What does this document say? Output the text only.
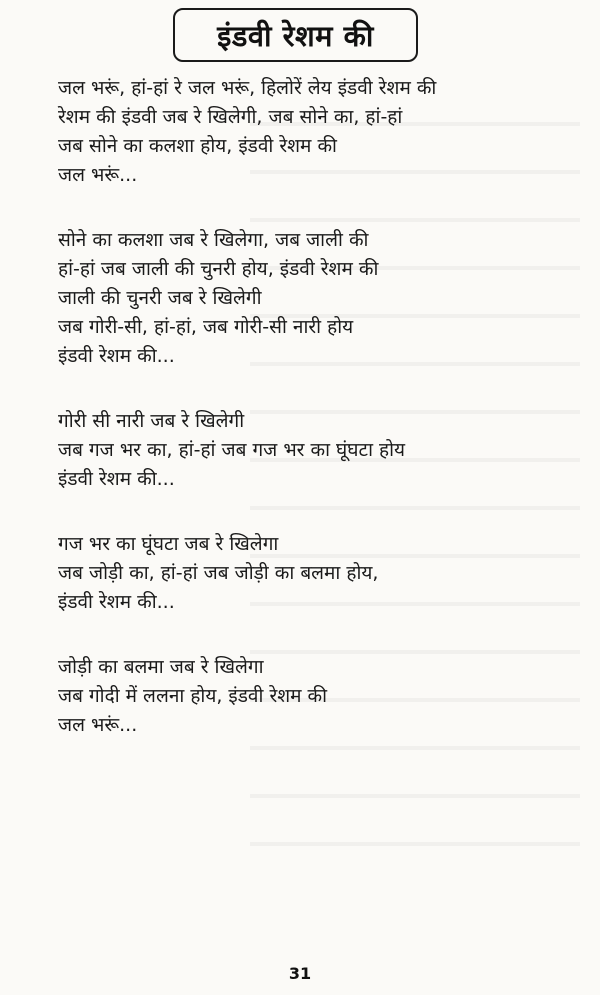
इंडवी रेशम की
जल भरूं, हां-हां रे जल भरूं, हिलोरें लेय इंडवी रेशम की
रेशम की इंडवी जब रे खिलेगी, जब सोने का, हां-हां
जब सोने का कलशा होय, इंडवी रेशम की
जल भरूं...
सोने का कलशा जब रे खिलेगा, जब जाली की
हां-हां जब जाली की चुनरी होय, इंडवी रेशम की
जाली की चुनरी जब रे खिलेगी
जब गोरी-सी, हां-हां, जब गोरी-सी नारी होय
इंडवी रेशम की...
गोरी सी नारी जब रे खिलेगी
जब गज भर का, हां-हां जब गज भर का घूंघटा होय
इंडवी रेशम की...
गज भर का घूंघटा जब रे खिलेगा
जब जोड़ी का, हां-हां जब जोड़ी का बलमा होय,
इंडवी रेशम की...
जोड़ी का बलमा जब रे खिलेगा
जब गोदी में ललना होय, इंडवी रेशम की
जल भरूं...
31
